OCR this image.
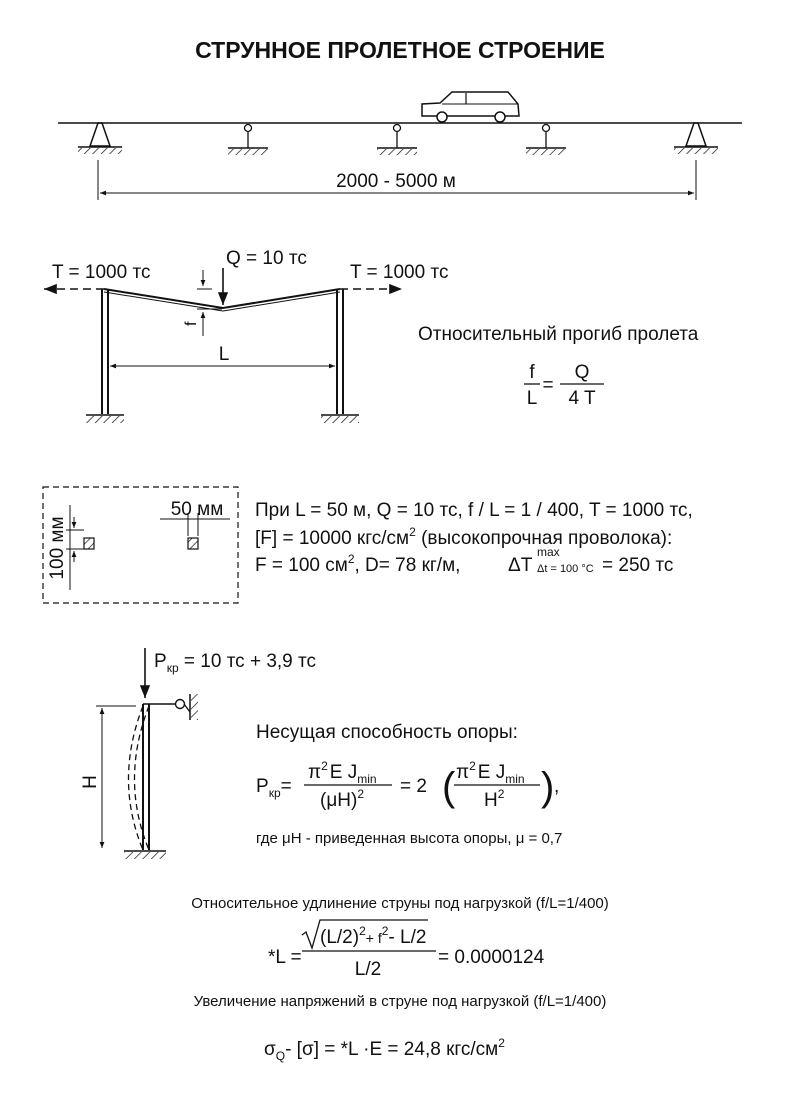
СТРУННОЕ ПРОЛЕТНОЕ СТРОЕНИЕ
2000 - 5000 м
T = 1000 тс	T = 1000 тс
Q = 10 тс
f
L
Относительный прогиб пролета
f
L
=
Q
4 T
100 мм
50 мм При L = 50 м, Q = 10 тс, f / L = 1 / 400, T = 1000 тс,
[F] = 10000 кгс/$см^2$ (высокопрочная проволока):
F = 100 $см^2$, D= 78 кг/м,	ΔT
max
Δt = 100 °C = 250 тс
$P_{кр} = 10$ тс + 3,9 тс
H
Несущая способность опоры:
$P_{кр}=$
$\pi^2$ E $J_{min}$
$(\mu H)^2 = 2$ ( $\pi^2$ E $J_{min}$
$H^2$ ) ,
где μH - приведенная высота опоры, μ = 0,7
Относительное удлинение струны под нагрузкой (f/L=1/400)
*L =
$(L/2)^2_{+ f}^2-$ L/2
L/2
= 0.0000124
Увеличение напряжений в струне под нагрузкой (f/L=1/400)
$\sigma_Q-$ [σ] = *L ·E = 24,8 кгс/$см^2$
